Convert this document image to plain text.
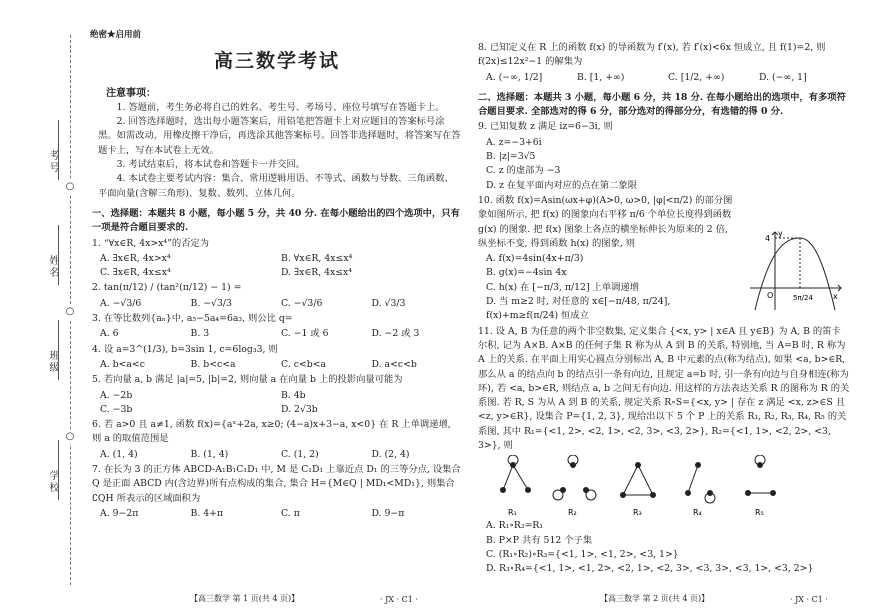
考号
姓名
班级
学校
○
○
○
绝密★启用前
高三数学考试
注意事项：

1. 答题前，考生务必将自己的姓名、考生号、考场号、座位号填写在答题卡上。

2. 回答选择题时，选出每小题答案后，用铅笔把答题卡上对应题目的答案标号涂黑。如需改动，用橡皮擦干净后，再选涂其他答案标号。回答非选择题时，将答案写在答题卡上，写在本试卷上无效。

3. 考试结束后，将本试卷和答题卡一并交回。

4. 本试卷主要考试内容：集合、常用逻辑用语、不等式、函数与导数、三角函数、平面向量(含解三角形)、复数、数列、立体几何。

一、选择题：本题共 8 小题，每小题 5 分，共 40 分. 在每小题给出的四个选项中，只有一项是符合题目要求的.
1. “∀x∈R, 4x>x⁴”的否定为
A. ∃x∈R, 4x>x⁴	B. ∀x∈R, 4x≤x⁴
C. ∃x∈R, 4x≤x⁴	D. ∃x∈R, 4x≤x⁴
2. tan(π/12) / (tan²(π/12) − 1) =
A. −√3/6	B. −√3/3	C. −√3/6	D. √3/3
3. 在等比数列{aₙ}中, a₅−5a₄=6a₃, 则公比 q=
A. 6	B. 3	C. −1 或 6	D. −2 或 3
4. 设 a=3^(1/3), b=3sin 1, c=6log₃3, 则
A. b<a<c	B. b<c<a	C. c<b<a	D. a<c<b
5. 若向量 a, b 满足 |a|=5, |b|=2, 则向量 a 在向量 b 上的投影向量可能为
A. −2b	B. 4b
C. −3b	D. 2√3b
6. 若 a>0 且 a≠1, 函数 f(x)={aˣ+2a, x≥0; (4−a)x+3−a, x<0} 在 R 上单调递增, 则 a 的取值范围是
A. (1, 4)	B. (1, 4)	C. (1, 2)	D. (2, 4)
7. 在长为 3 的正方体 ABCD-A₁B₁C₁D₁ 中, M 是 C₁D₁ 上靠近点 D₁ 的三等分点, 设集合 Q 是正面 ABCD 内(含边界)所有点构成的集合, 集合 H={M∈Q | MD₁<MD₁}, 则集合 ∁QH 所表示的区域面积为
A. 9−2π	B. 4+π	C. π	D. 9−π
【高三数学 第 1 页(共 4 页)】	· JX · C1 ·
8. 已知定义在 R 上的函数 f(x) 的导函数为 f′(x), 若 f′(x)<6x 恒成立, 且 f(1)=2, 则 f(2x)≤12x²−1 的解集为
A. (−∞, 1/2]	B. [1, +∞)	C. [1/2, +∞)	D. (−∞, 1]
二、选择题：本题共 3 小题，每小题 6 分，共 18 分. 在每小题给出的选项中，有多项符合题目要求. 全部选对的得 6 分，部分选对的得部分分，有选错的得 0 分.
9. 已知复数 z 满足 iz=6−3i, 则
A. z=−3+6i
B. |z|=3√5
C. z 的虚部为 −3
D. z 在复平面内对应的点在第二象限
10. 函数 f(x)=Asin(ωx+φ)(A>0, ω>0, |φ|<π/2) 的部分图象如图所示, 把 f(x) 的图象向右平移 π/6 个单位长度得到函数 g(x) 的图象. 把 f(x) 图象上各点的横坐标伸长为原来的 2 倍, 纵坐标不变, 得到函数 h(x) 的图象, 则
A. f(x)=4sin(4x+π/3)
B. g(x)=−4sin 4x
C. h(x) 在 [−π/3, π/12] 上单调递增
D. 当 m≥2 时, 对任意的 x∈[−π/48, π/24], f(x)+m≥f(π/24) 恒成立
11. 设 A, B 为任意的两个非空数集, 定义集合 {<x, y> | x∈A 且 y∈B} 为 A, B 的笛卡尔积, 记为 A×B. A×B 的任何子集 R 称为从 A 到 B 的关系, 特别地, 当 A=B 时, R 称为 A 上的关系. 在平面上用实心圆点分别标出 A, B 中元素的点(称为结点), 如果 <a, b>∈R, 那么从 a 的结点向 b 的结点引一条有向边, 且规定 a=b 时, 引一条有向边与自身相连(称为环), 若 <a, b>∈R, 则结点 a, b 之间无有向边. 用这样的方法表达关系 R 的图称为 R 的关系图. 若 R, S 为从 A 到 B 的关系, 规定关系 R∘S={<x, y> | 存在 z 满足 <x, z>∈S 且 <z, y>∈R}, 设集合 P={1, 2, 3}, 现给出以下 5 个 P 上的关系 R₁, R₂, R₃, R₄, R₅ 的关系图, 其中 R₁={<1, 2>, <2, 1>, <2, 3>, <3, 2>}, R₂={<1, 1>, <2, 2>, <3, 3>}, 则
R₁	R₂	R₃	R₄	R₅
A. R₁∘R₂=R₁
B. P×P 共有 512 个子集
C. (R₁∘R₂)∘R₃={<1, 1>, <1, 2>, <3, 1>}
D. R₃∘R₄={<1, 1>, <1, 2>, <2, 1>, <2, 3>, <3, 3>, <3, 1>, <3, 2>}
4
y
O	x
5π/24
【高三数学 第 2 页(共 4 页)】	· JX · C1 ·
